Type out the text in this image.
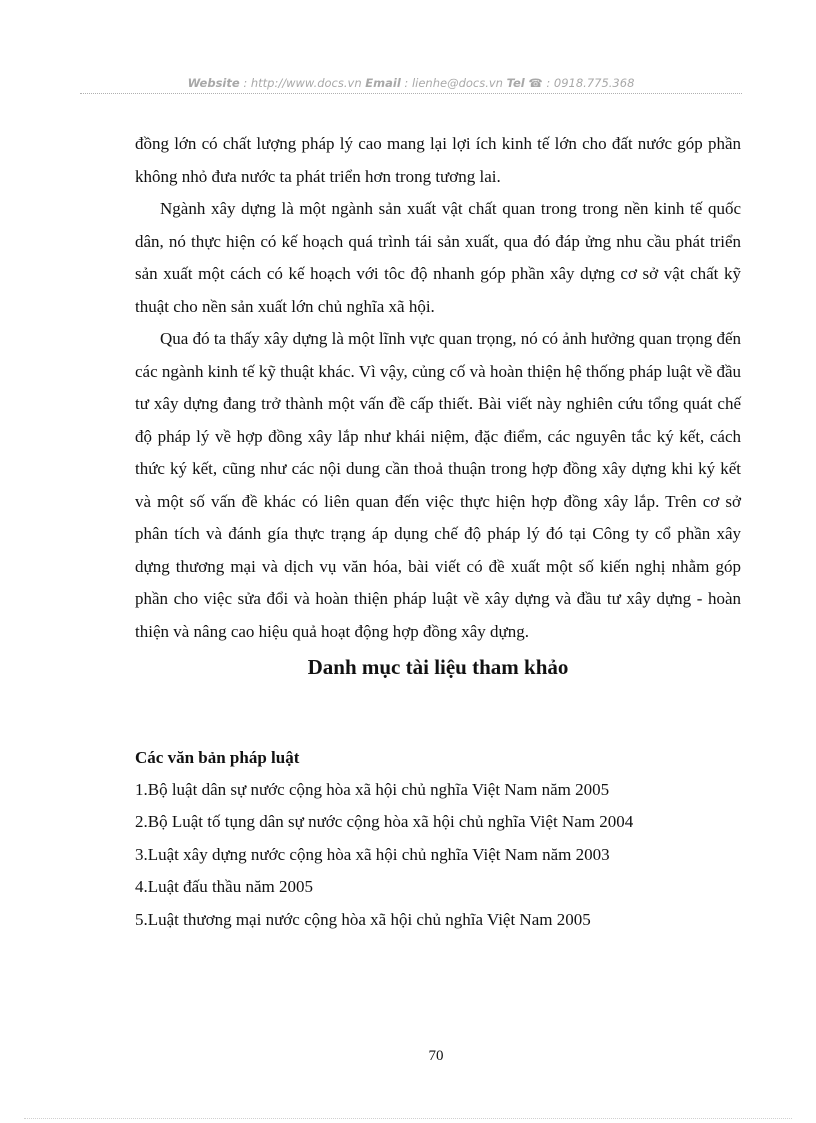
Website : http://www.docs.vn Email : lienhe@docs.vn Tel ☎ : 0918.775.368

đồng lớn có chất lượng pháp lý cao mang lại lợi ích kinh tế lớn cho đất nước góp phần không nhỏ đưa nước ta phát triển hơn trong tương lai.

Ngành xây dựng là một ngành sản xuất vật chất quan trong trong nền kinh tế quốc dân, nó thực hiện có kế hoạch quá trình tái sản xuất, qua đó đáp ửng nhu cầu phát triển sản xuất một cách có kế hoạch với tôc độ nhanh góp phần xây dựng cơ sở vật chất kỹ thuật cho nền sản xuất lớn chủ nghĩa xã hội.

Qua đó ta thấy xây dựng là một lĩnh vực quan trọng, nó có ảnh hưởng quan trọng đến các ngành kinh tế kỹ thuật khác. Vì vậy, củng cố và hoàn thiện hệ thống pháp luật về đầu tư xây dựng đang trở thành một vấn đề cấp thiết. Bài viết này nghiên cứu tổng quát chế độ pháp lý về hợp đồng xây lắp như khái niệm, đặc điểm, các nguyên tắc ký kết, cách thức ký kết, cũng như các nội dung cần thoả thuận trong hợp đồng xây dựng khi ký kết và một số vấn đề khác có liên quan đến việc thực hiện hợp đồng xây lắp. Trên cơ sở phân tích và đánh gía thực trạng áp dụng chế độ pháp lý đó tại Công ty cổ phần xây dựng thương mại và dịch vụ văn hóa, bài viết có đề xuất một số kiến nghị nhằm góp phần cho việc sửa đổi và hoàn thiện pháp luật về xây dựng và đầu tư xây dựng - hoàn thiện và nâng cao hiệu quả hoạt động hợp đồng xây dựng.

Danh mục tài liệu tham khảo
Các văn bản pháp luật
1.Bộ luật dân sự nước cộng hòa xã hội chủ nghĩa Việt Nam năm 2005
2.Bộ Luật tố tụng dân sự nước cộng hòa xã hội chủ nghĩa Việt Nam 2004
3.Luật xây dựng nước cộng hòa xã hội chủ nghĩa Việt Nam năm 2003
4.Luật đấu thầu năm 2005
5.Luật thương mại nước cộng hòa xã hội chủ nghĩa Việt Nam 2005
70
